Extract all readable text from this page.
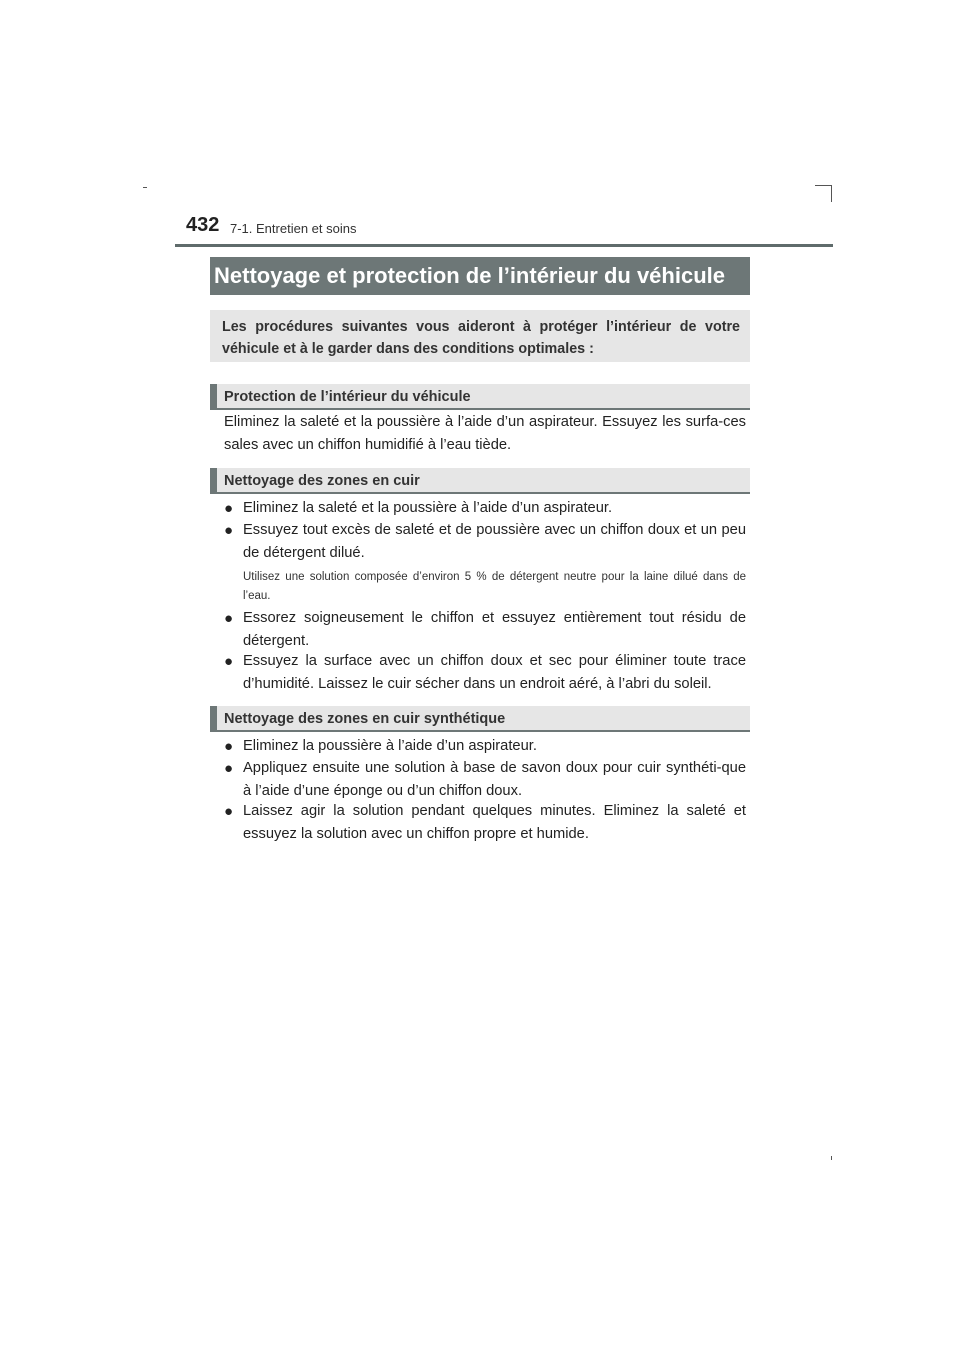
432 7-1. Entretien et soins
Nettoyage et protection de l’intérieur du véhicule
Les procédures suivantes vous aideront à protéger l’intérieur de votre véhicule et à le garder dans des conditions optimales :
Protection de l’intérieur du véhicule
Eliminez la saleté et la poussière à l’aide d’un aspirateur. Essuyez les surfa-ces sales avec un chiffon humidifié à l’eau tiède.
Nettoyage des zones en cuir
● Eliminez la saleté et la poussière à l’aide d’un aspirateur.
● Essuyez tout excès de saleté et de poussière avec un chiffon doux et un peu de détergent dilué.
Utilisez une solution composée d’environ 5 % de détergent neutre pour la laine dilué dans de l’eau.
● Essorez soigneusement le chiffon et essuyez entièrement tout résidu de détergent.
● Essuyez la surface avec un chiffon doux et sec pour éliminer toute trace d’humidité. Laissez le cuir sécher dans un endroit aéré, à l’abri du soleil.
Nettoyage des zones en cuir synthétique
● Eliminez la poussière à l’aide d’un aspirateur.
● Appliquez ensuite une solution à base de savon doux pour cuir synthéti-que à l’aide d’une éponge ou d’un chiffon doux.
● Laissez agir la solution pendant quelques minutes. Eliminez la saleté et essuyez la solution avec un chiffon propre et humide.
